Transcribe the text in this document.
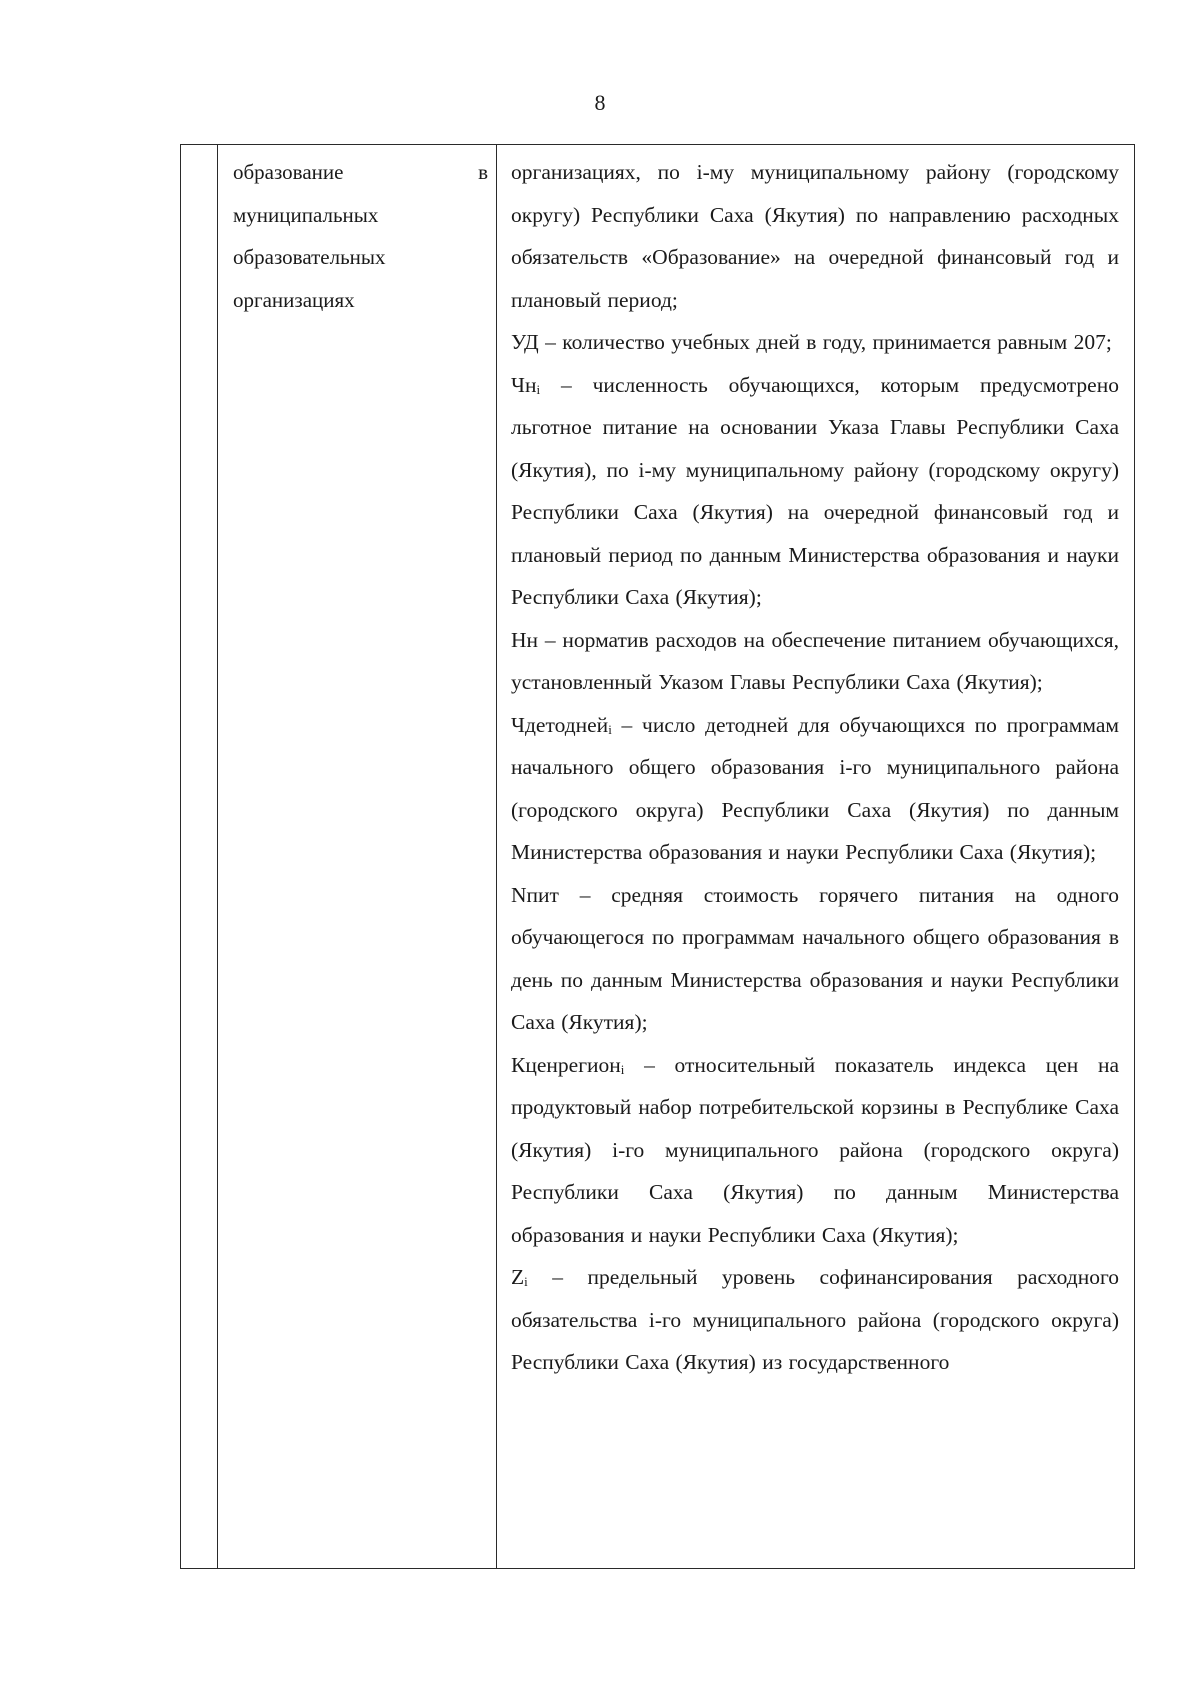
8
образование	в
муниципальных
образовательных
организациях

организациях, по i-му муниципальному району (городскому округу) Республики Саха (Якутия) по направлению расходных обязательств «Образование» на очередной финансовый год и плановый период;

УД – количество учебных дней в году, принимается равным 207;

$Чн_i$ – численность обучающихся, которым предусмотрено льготное питание на основании Указа Главы Республики Саха (Якутия), по i-му муниципальному району (городскому округу) Республики Саха (Якутия) на очередной финансовый год и плановый период по данным Министерства образования и науки Республики Саха (Якутия);

Нн – норматив расходов на обеспечение питанием обучающихся, установленный Указом Главы Республики Саха (Якутия);

Чдетодней$_i$ – число детодней для обучающихся по программам начального общего образования i-го муниципального района (городского округа) Республики Саха (Якутия) по данным Министерства образования и науки Республики Саха (Якутия);

Nпит – средняя стоимость горячего питания на одного обучающегося по программам начального общего образования в день по данным Министерства образования и науки Республики Саха (Якутия);

Кценрегион$_i$ – относительный показатель индекса цен на продуктовый набор потребительской корзины в Республике Саха (Якутия) i-го муниципального района (городского округа) Республики Саха (Якутия) по данным Министерства образования и науки Республики Саха (Якутия);

$Z_i$ – предельный уровень софинансирования расходного обязательства i-го муниципального района (городского округа) Республики Саха (Якутия) из государственного
